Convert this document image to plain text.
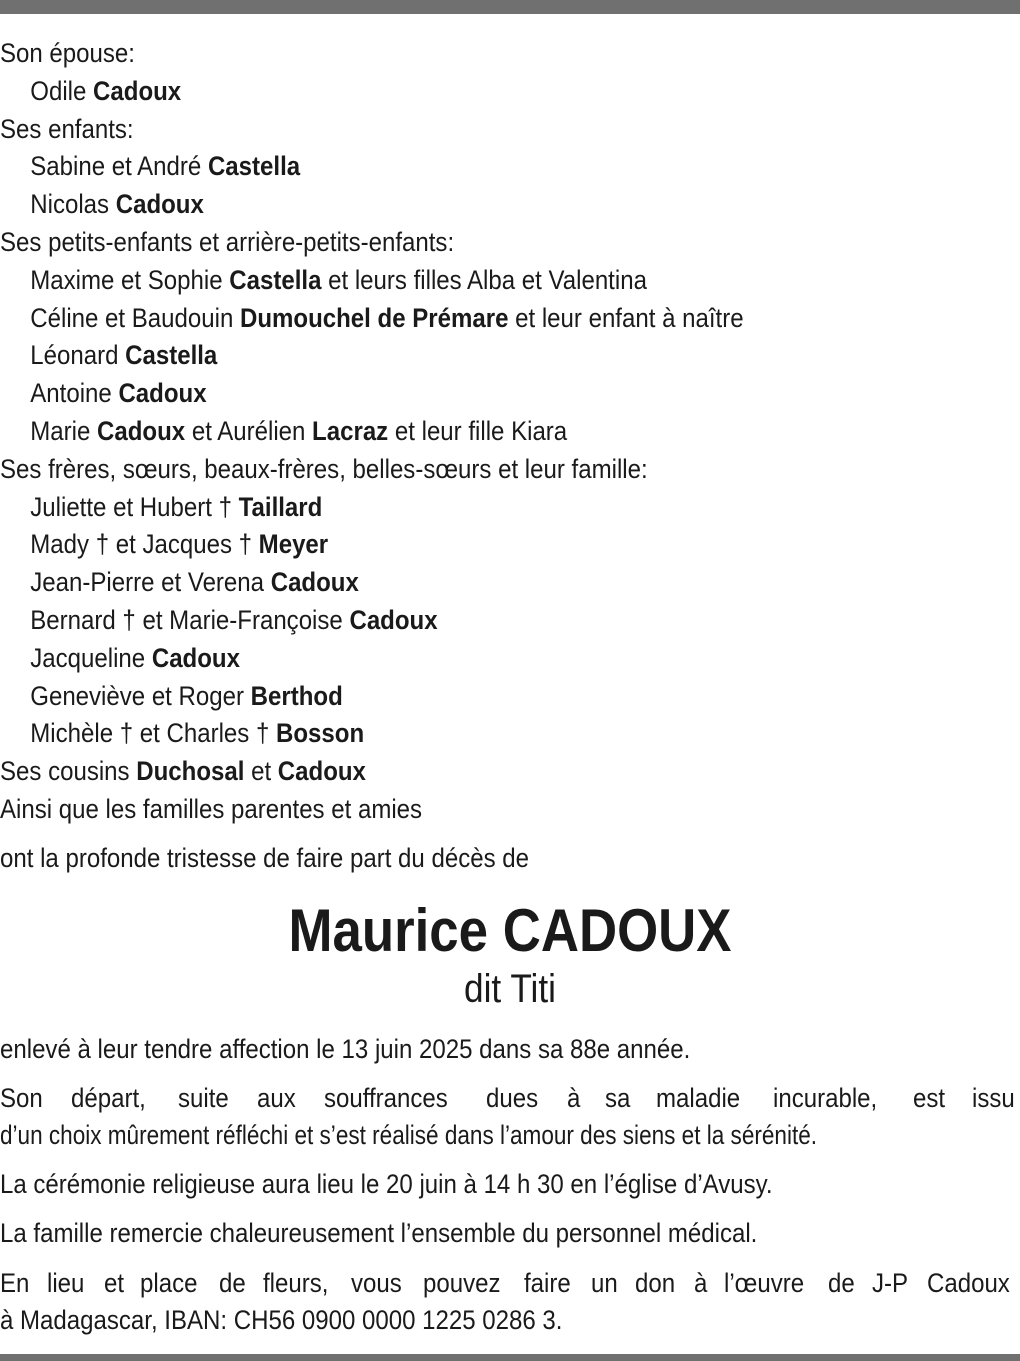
Son épouse:
Odile Cadoux
Ses enfants:
Sabine et André Castella
Nicolas Cadoux
Ses petits-enfants et arrière-petits-enfants:
Maxime et Sophie Castella et leurs filles Alba et Valentina
Céline et Baudouin Dumouchel de Prémare et leur enfant à naître
Léonard Castella
Antoine Cadoux
Marie Cadoux et Aurélien Lacraz et leur fille Kiara
Ses frères, sœurs, beaux-frères, belles-sœurs et leur famille:
Juliette et Hubert † Taillard
Mady † et Jacques † Meyer
Jean-Pierre et Verena Cadoux
Bernard † et Marie-Françoise Cadoux
Jacqueline Cadoux
Geneviève et Roger Berthod
Michèle † et Charles † Bosson
Ses cousins Duchosal et Cadoux
Ainsi que les familles parentes et amies
ont la profonde tristesse de faire part du décès de
Maurice CADOUX
dit Titi
enlevé à leur tendre affection le 13 juin 2025 dans sa 88e année.
Son départ, suite aux souffrances dues à sa maladie incurable, est issu
d’un choix mûrement réfléchi et s’est réalisé dans l’amour des siens et la sérénité.
La cérémonie religieuse aura lieu le 20 juin à 14 h 30 en l’église d’Avusy.
La famille remercie chaleureusement l’ensemble du personnel médical.
En lieu et place de fleurs, vous pouvez faire un don à l’œuvre de J-P Cadoux
à Madagascar, IBAN: CH56 0900 0000 1225 0286 3.
